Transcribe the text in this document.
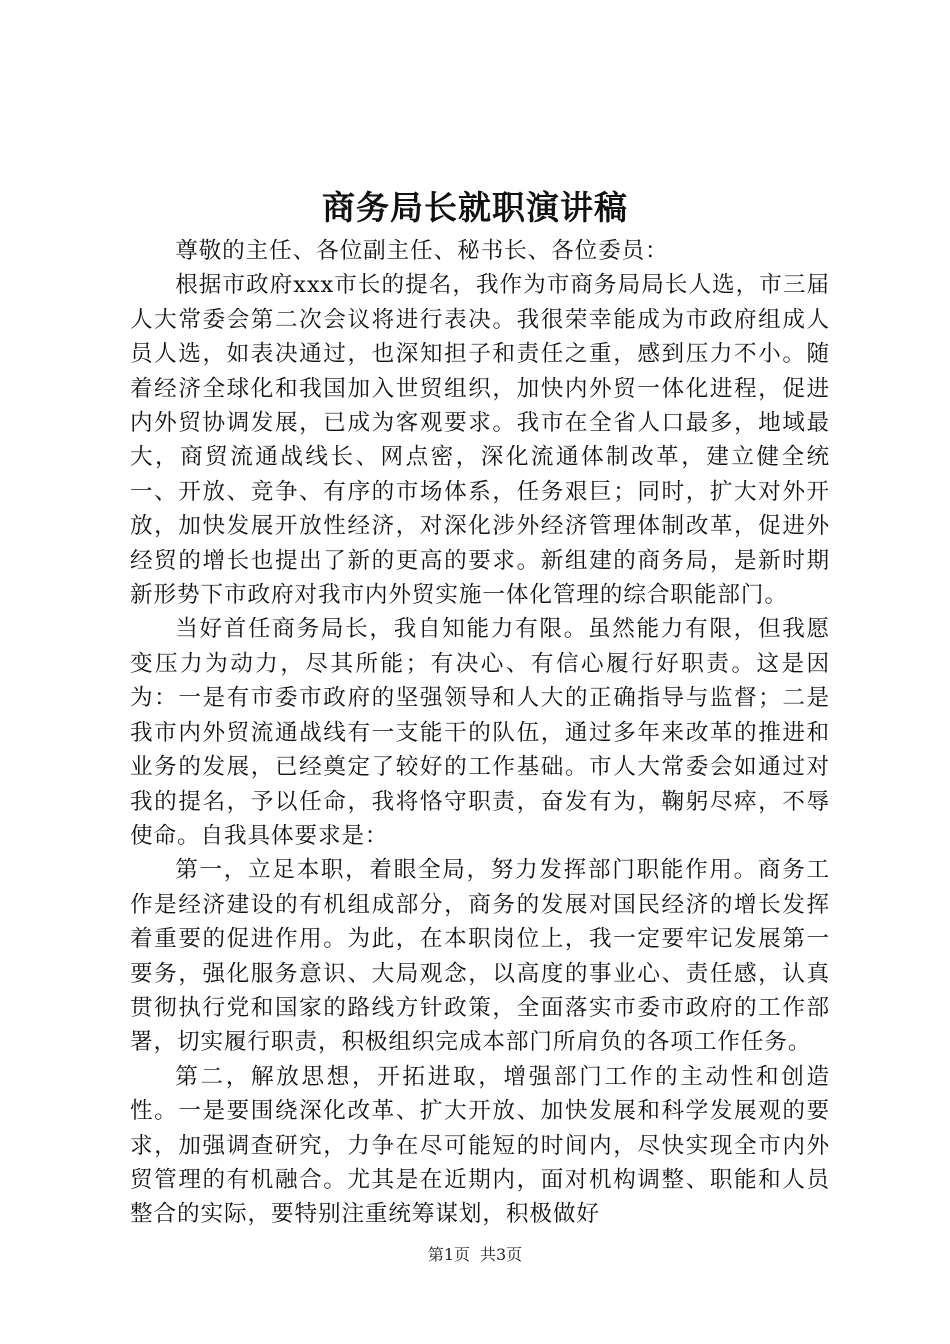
商务局长就职演讲稿

尊敬的主任、各位副主任、秘书长、各位委员：

根据市政府xxx市长的提名，我作为市商务局局长人选，市三届人大常委会第二次会议将进行表决。我很荣幸能成为市政府组成人员人选，如表决通过，也深知担子和责任之重，感到压力不小。随着经济全球化和我国加入世贸组织，加快内外贸一体化进程，促进内外贸协调发展，已成为客观要求。我市在全省人口最多，地域最大，商贸流通战线长、网点密，深化流通体制改革，建立健全统一、开放、竞争、有序的市场体系，任务艰巨；同时，扩大对外开放，加快发展开放性经济，对深化涉外经济管理体制改革，促进外经贸的增长也提出了新的更高的要求。新组建的商务局，是新时期新形势下市政府对我市内外贸实施一体化管理的综合职能部门。

当好首任商务局长，我自知能力有限。虽然能力有限，但我愿变压力为动力，尽其所能；有决心、有信心履行好职责。这是因为：一是有市委市政府的坚强领导和人大的正确指导与监督；二是我市内外贸流通战线有一支能干的队伍，通过多年来改革的推进和业务的发展，已经奠定了较好的工作基础。市人大常委会如通过对我的提名，予以任命，我将恪守职责，奋发有为，鞠躬尽瘁，不辱使命。自我具体要求是：

第一，立足本职，着眼全局，努力发挥部门职能作用。商务工作是经济建设的有机组成部分，商务的发展对国民经济的增长发挥着重要的促进作用。为此，在本职岗位上，我一定要牢记发展第一要务，强化服务意识、大局观念，以高度的事业心、责任感，认真贯彻执行党和国家的路线方针政策，全面落实市委市政府的工作部署，切实履行职责，积极组织完成本部门所肩负的各项工作任务。

第二，解放思想，开拓进取，增强部门工作的主动性和创造性。一是要围绕深化改革、扩大开放、加快发展和科学发展观的要求，加强调查研究，力争在尽可能短的时间内，尽快实现全市内外贸管理的有机融合。尤其是在近期内，面对机构调整、职能和人员整合的实际，要特别注重统筹谋划，积极做好

第1页 共3页
